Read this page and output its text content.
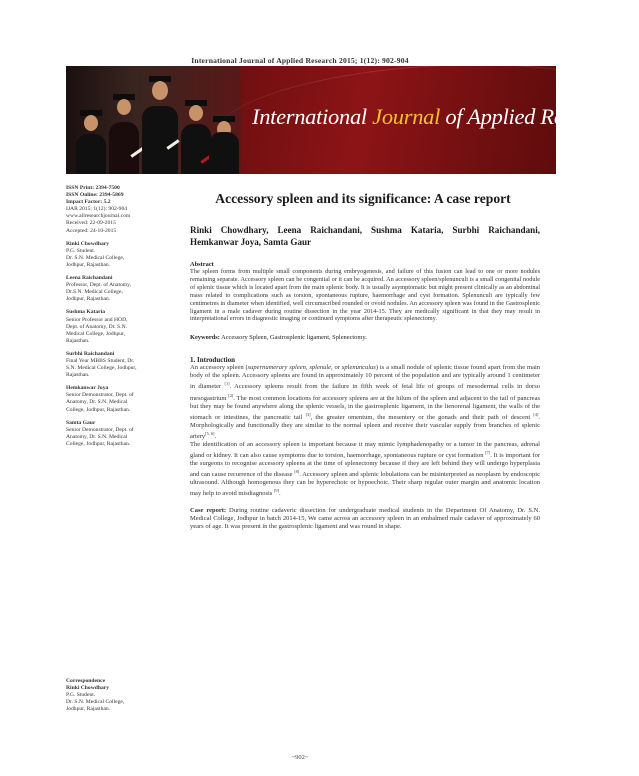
International Journal of Applied Research 2015; 1(12): 902-904
International Journal of Applied Research
ISSN Print: 2394-7500
ISSN Online: 2394-5869
Impact Factor: 5.2
IJAR 2015; 1(12): 902-904
www.allresearchjournal.com
Received: 22-09-2015
Accepted: 24-10-2015
Rinki Chowdhary
P.G. Student.
Dr. S.N. Medical College,
Jodhpur, Rajasthan.
Leena Raichandani
Professor, Dept. of Anatomy,
Dr.S.N. Medical College,
Jodhpur, Rajasthan.
Sushma Kataria
Senior Professor and HOD,
Dept. of Anatomy, Dr. S.N.
Medical College, Jodhpur,
Rajasthan.
Surbhi Raichandani
Final Year MBBS Student, Dr.
S.N. Medical College, Jodhpur,
Rajasthan.
Hemkanwar Joya
Senior Demonstrator, Dept. of
Anatomy, Dr. S.N. Medical
College, Jodhpur, Rajasthan.
Samta Gaur
Senior Demonstrator, Dept. of
Anatomy, Dr. S.N. Medical
College, Jodhpur, Rajasthan.
Correspondence
Rinki Chowdhary
P.G. Student.
Dr. S.N. Medical College,
Jodhpur, Rajasthan.
Accessory spleen and its significance: A case report
Rinki Chowdhary, Leena Raichandani, Sushma Kataria, Surbhi Raichandani, Hemkanwar Joya, Samta Gaur
Abstract
The spleen forms from multiple small components during embryogenesis, and failure of this fusion can lead to one or more nodules remaining separate. Accessory spleen can be congenital or it can be acquired. An accessory spleen/splenunculi is a small congenital nodule of splenic tissue which is located apart from the main splenic body. It is usually asymptomatic but might present clinically as an abdominal mass related to complications such as torsion, spontaneous rupture, haemorrhage and cyst formation. Splenunculi are typically few centimetres in diameter when identified, well circumscribed rounded or ovoid nodules. An accessory spleen was found in the Gastrosplenic ligament in a male cadaver during routine dissection in the year 2014-15. They are medically significant in that they may result in interpretational errors in diagnostic imaging or continued symptoms after therapeutic splenectomy.
Keywords: Accessory Spleen, Gastrosplenic ligament, Splenectomy.
1. Introduction
An accessory spleen (supernumerary spleen, splenule, or splenunculus) is a small nodule of splenic tissue found apart from the main body of the spleen. Accessory spleens are found in approximately 10 percent of the population and are typically around 1 centimeter in diameter [1]. Accessory spleens result from the failure in fifth week of fetal life of groups of mesodermal cells in dorso mesogastrium [2]. The most common locations for accessory spleens are at the hilum of the spleen and adjacent to the tail of pancreas but they may be found anywhere along the splenic vessels, in the gastrosplenic ligament, in the lienorenal ligament, the walls of the stomach or intestines, the pancreatic tail [3], the greater omentum, the mesentery or the gonads and their path of descent [4]. Morphologically and functionally they are similar to the normal spleen and receive their vascular supply from branches of splenic artery[5, 6].
The identification of an accessory spleen is important because it may mimic lymphadenopathy or a tumor in the pancreas, adrenal gland or kidney. It can also cause symptoms due to torsion, haemorrhage, spontaneous rupture or cyst formation [7]. It is important for the surgeons to recognise accessory spleens at the time of splenectomy because if they are left behind they will undergo hyperplasia and can cause recurrence of the disease [8]. Accessory spleen and splenic lobulations can be misinterpreted as neoplasm by endoscopic ultrasound. Although homogenous they can be hyperechoic or hypoechoic. Their sharp regular outer margin and anatomic location may help to avoid misdiagnosis [9].
Case report: During routine cadaveric dissection for undergraduate medical students in the Department Of Anatomy, Dr. S.N. Medical College, Jodhpur in batch 2014-15, We came across an accessory spleen in an embalmed male cadaver of approximately 60 years of age. It was present in the gastrosplenic ligament and was round in shape.
~902~
